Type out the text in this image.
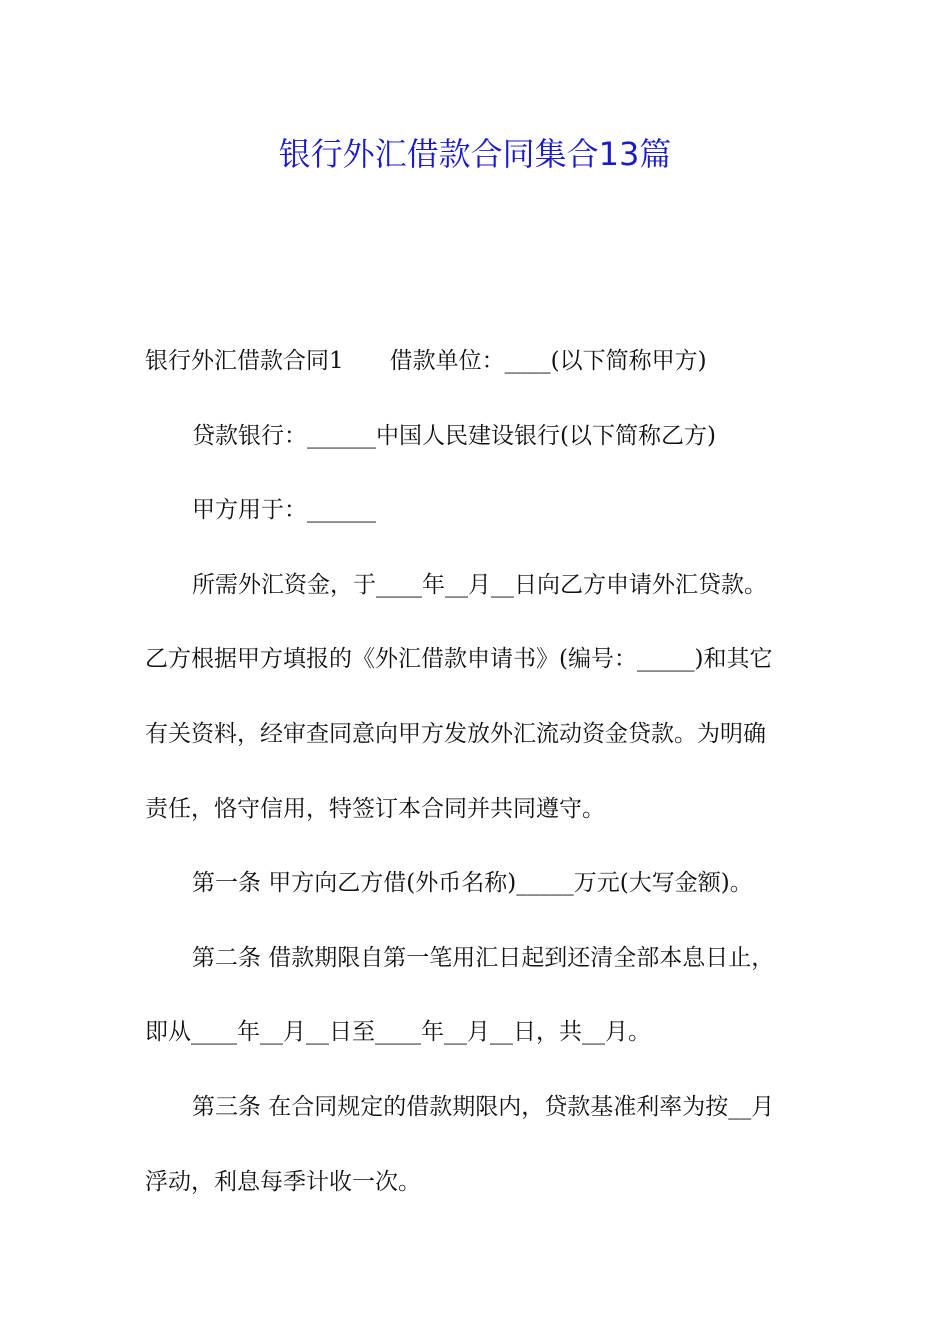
银行外汇借款合同集合13篇

银行外汇借款合同1　　借款单位：____(以下简称甲方)

贷款银行：______中国人民建设银行(以下简称乙方)

甲方用于：______

所需外汇资金，于____年__月__日向乙方申请外汇贷款。

乙方根据甲方填报的《外汇借款申请书》(编号：_____)和其它

有关资料，经审查同意向甲方发放外汇流动资金贷款。为明确

责任，恪守信用，特签订本合同并共同遵守。

第一条 甲方向乙方借(外币名称)_____万元(大写金额)。

第二条 借款期限自第一笔用汇日起到还清全部本息日止，

即从____年__月__日至____年__月__日，共__月。

第三条 在合同规定的借款期限内，贷款基准利率为按__月

浮动，利息每季计收一次。
